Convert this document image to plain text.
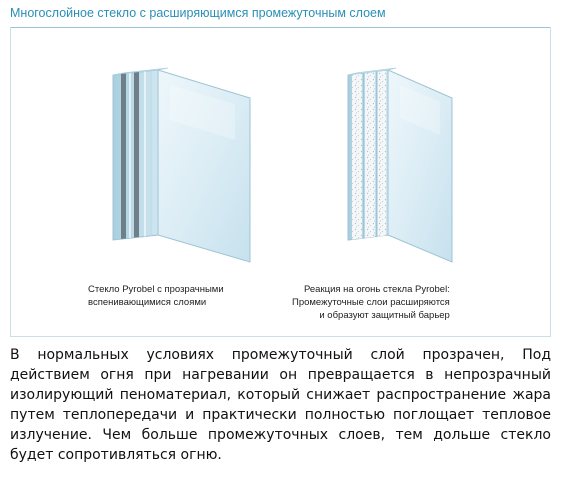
Многослойное стекло с расширяющимся промежуточным слоем
Стекло Pyrobel с прозрачными
вспенивающимися слоями
Реакция на огонь стекла Pyrobel:
Промежуточные слои расширяются
и образуют защитный барьер

В нормальных условиях промежуточный слой прозрачен, Под действием огня при нагревании он превращается в непрозрачный изолирующий пеноматериал, который снижает распространение жара путем теплопередачи и практически полностью поглощает тепловое излучение. Чем больше промежуточных слоев, тем дольше стекло будет сопротивляться огню.
